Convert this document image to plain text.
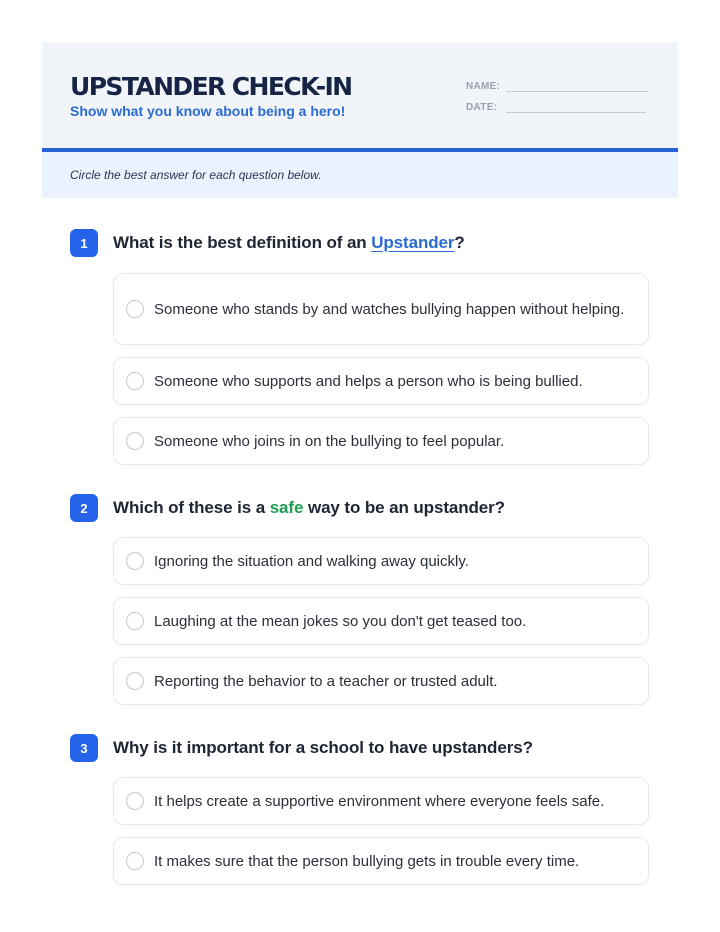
UPSTANDER CHECK-IN
Show what you know about being a hero!
NAME:
DATE:
Circle the best answer for each question below.
1	What is the best definition of an Upstander?
Someone who stands by and watches bullying happen without helping.
Someone who supports and helps a person who is being bullied.
Someone who joins in on the bullying to feel popular.
2	Which of these is a safe way to be an upstander?
Ignoring the situation and walking away quickly.
Laughing at the mean jokes so you don't get teased too.
Reporting the behavior to a teacher or trusted adult.
3	Why is it important for a school to have upstanders?
It helps create a supportive environment where everyone feels safe.
It makes sure that the person bullying gets in trouble every time.
